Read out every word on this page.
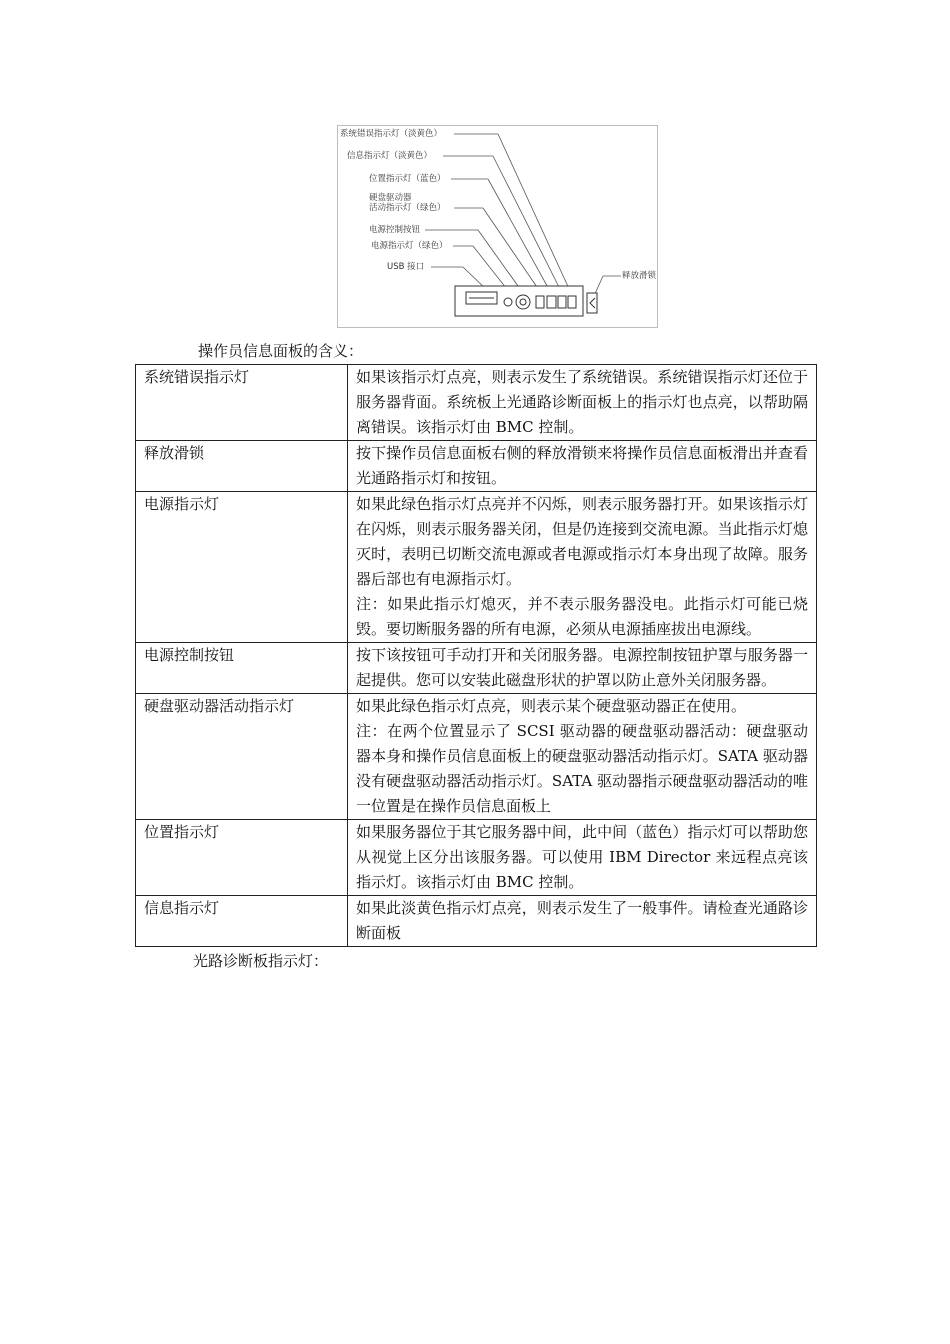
系统错误指示灯（淡黄色）
信息指示灯（淡黄色）
位置指示灯（蓝色）
硬盘驱动器
活动指示灯（绿色）
电源控制按钮
电源指示灯（绿色）
USB 接口
释放滑锁
操作员信息面板的含义：
系统错误指示灯	如果该指示灯点亮，则表示发生了系统错误。系统错误指示灯还位于服务器背面。系统板上光通路诊断面板上的指示灯也点亮，以帮助隔离错误。该指示灯由 BMC 控制。

释放滑锁	按下操作员信息面板右侧的释放滑锁来将操作员信息面板滑出并查看光通路指示灯和按钮。

电源指示灯	如果此绿色指示灯点亮并不闪烁，则表示服务器打开。如果该指示灯在闪烁，则表示服务器关闭，但是仍连接到交流电源。当此指示灯熄灭时，表明已切断交流电源或者电源或指示灯本身出现了故障。服务器后部也有电源指示灯。

注：如果此指示灯熄灭，并不表示服务器没电。此指示灯可能已烧毁。要切断服务器的所有电源，必须从电源插座拔出电源线。

电源控制按钮	按下该按钮可手动打开和关闭服务器。电源控制按钮护罩与服务器一起提供。您可以安装此磁盘形状的护罩以防止意外关闭服务器。

硬盘驱动器活动指示灯	如果此绿色指示灯点亮，则表示某个硬盘驱动器正在使用。

注：在两个位置显示了 SCSI 驱动器的硬盘驱动器活动：硬盘驱动器本身和操作员信息面板上的硬盘驱动器活动指示灯。SATA 驱动器没有硬盘驱动器活动指示灯。SATA 驱动器指示硬盘驱动器活动的唯一位置是在操作员信息面板上

位置指示灯	如果服务器位于其它服务器中间，此中间（蓝色）指示灯可以帮助您从视觉上区分出该服务器。可以使用 IBM Director 来远程点亮该指示灯。该指示灯由 BMC 控制。

信息指示灯	如果此淡黄色指示灯点亮，则表示发生了一般事件。请检查光通路诊断面板

光路诊断板指示灯：
